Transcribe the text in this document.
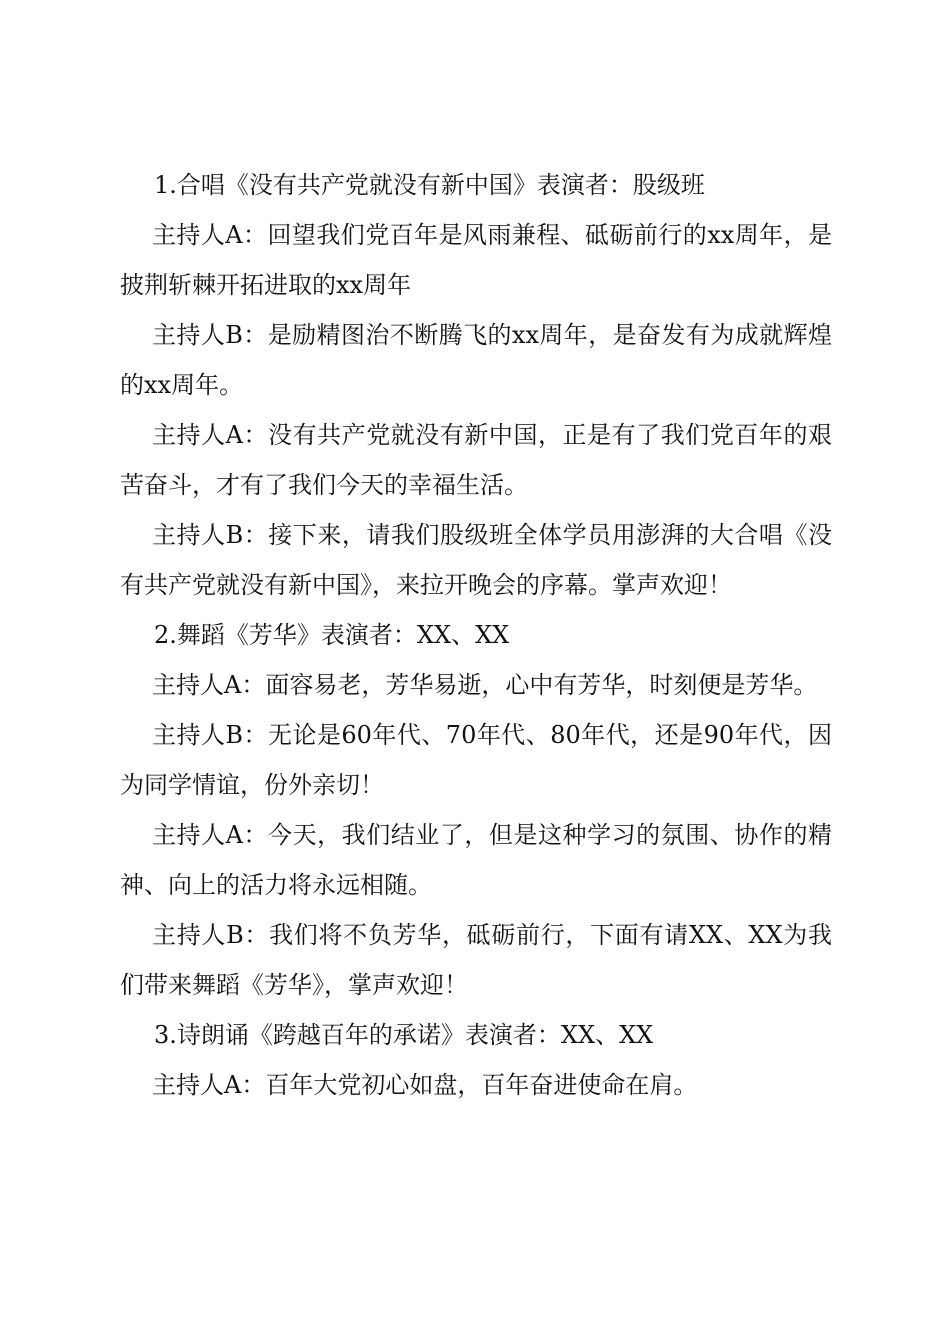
1.合唱《没有共产党就没有新中国》表演者：股级班

主持人A：回望我们党百年是风雨兼程、砥砺前行的xx周年，是披荆斩棘开拓进取的xx周年

主持人B：是励精图治不断腾飞的xx周年，是奋发有为成就辉煌的xx周年。

主持人A：没有共产党就没有新中国，正是有了我们党百年的艰苦奋斗，才有了我们今天的幸福生活。

主持人B：接下来，请我们股级班全体学员用澎湃的大合唱《没有共产党就没有新中国》，来拉开晚会的序幕。掌声欢迎！

2.舞蹈《芳华》表演者：XX、XX

主持人A：面容易老，芳华易逝，心中有芳华，时刻便是芳华。

主持人B：无论是60年代、70年代、80年代，还是90年代，因为同学情谊，份外亲切！

主持人A：今天，我们结业了，但是这种学习的氛围、协作的精神、向上的活力将永远相随。

主持人B：我们将不负芳华，砥砺前行，下面有请XX、XX为我们带来舞蹈《芳华》，掌声欢迎！

3.诗朗诵《跨越百年的承诺》表演者：XX、XX

主持人A：百年大党初心如盘，百年奋进使命在肩。
